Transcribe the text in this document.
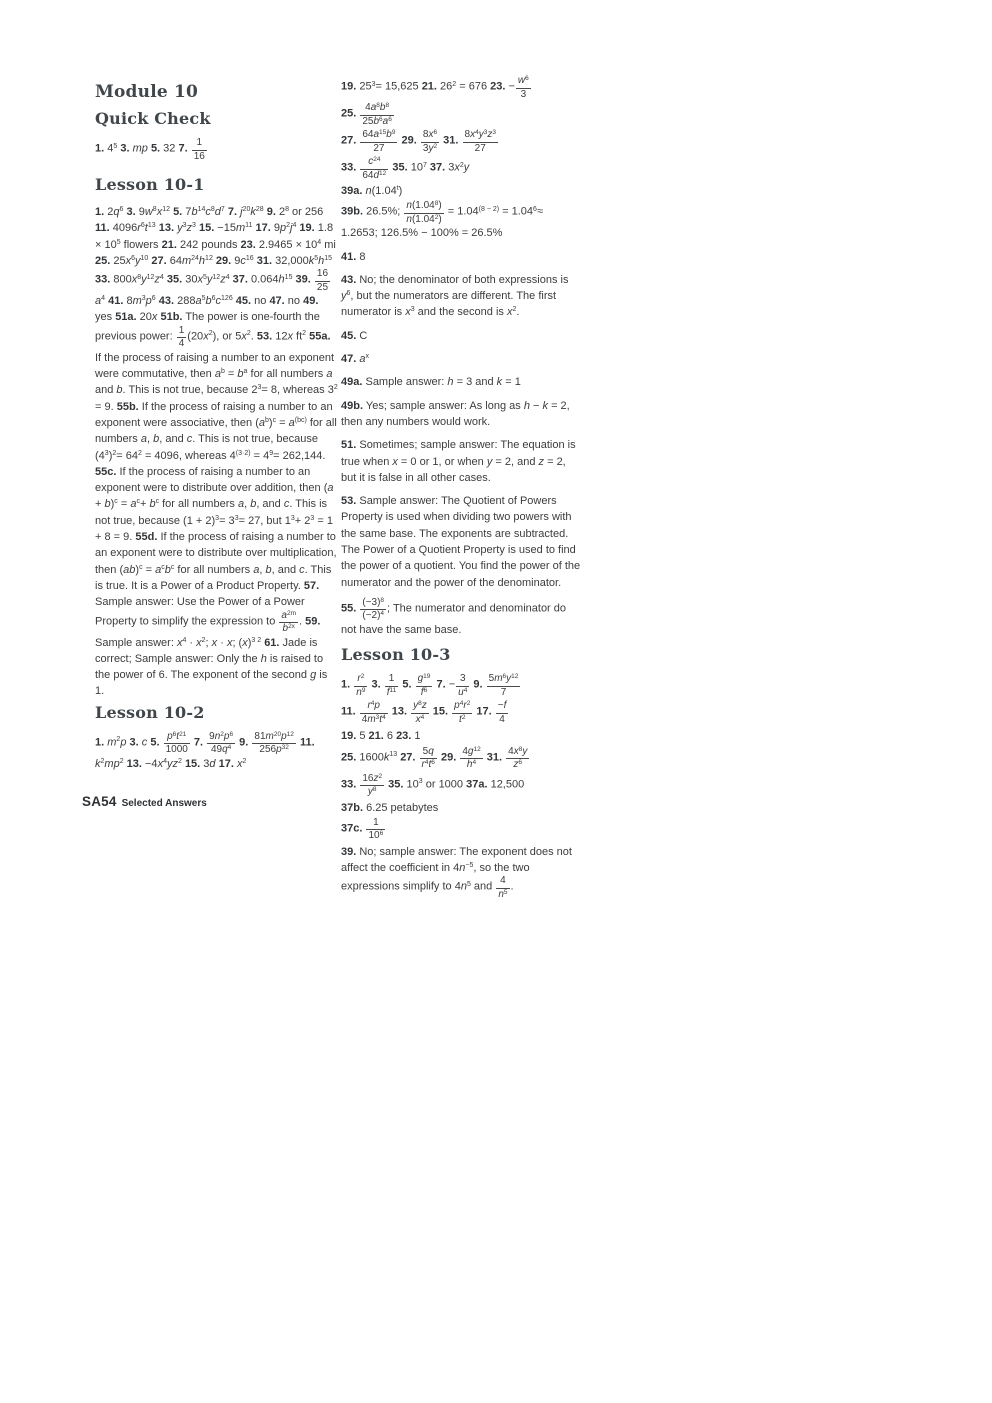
Module 10
Quick Check

1. $4^5$ 3. mp 5. 32 7. $\frac{1}{16}$

Lesson 10-1

1. $2q^6$ 3. $9w^8x^{12}$ 5. $7b^{14}c^8d^7$ 7. $j^{20}k^{28}$ 9. $2^8$ or 256 11. $4096r^6t^{13}$ 13. $y^3z^3$ 15. $-15m^{11}$ 17. $9p^2j^4$ 19. $1.8 \times 10^5$ flowers 21. 242 pounds 23. $2.9465 \times 10^4$ mi 25. $25x^6y^{10}$ 27. $64m^{24}h^{12}$ 29. $9c^{16}$ 31. $32,000k^5h^{15}$ 33. $800x^8y^{12}z^4$ 35. $30x^5y^{12}z^4$ 37. $0.064h^{15}$ 39. $\frac{16}{25}$
$a^4$ 41. $8m^3p^6$ 43. $288a^5b^6c^{126}$ 45. no 47. no 49. yes 51a. 20x 51b. The power is one-fourth the previous power: $\frac{1}{4} (20x^2)$, or $5x^2$. 53. 12x $ft^2$ 55a. If the process of raising a number to an exponent were commutative, then $a^b = b^a$ for all numbers a and b. This is not true, because $2^3= 8$, whereas $3^2 = 9$. 55b. If the process of raising a number to an exponent were associative, then $(a^b)^c = a^{(bc)}$ for all numbers a, b, and c. This is not true, because $(4^3)^2= 64^2 = 4096$, whereas $4^{(3\cdot 2)} = 4^9= 262,144$. 55c. If the process of raising a number to an exponent were to distribute over addition, then $(a + b)^c = a^c+ b^c$ for all numbers a, b, and c. This is not true, because $(1 + 2)^3= 3^3= 27$, but $1^3+ 2^3 = 1 + 8 = 9$. 55d. If the process of raising a number to an exponent were to distribute over multiplication, then $(ab)^c = a^cb^c$ for all numbers a, b, and c. This is true. It is a Power of a Product Property. 57. Sample answer: Use the Power of a Power Property to simplify the expression to $\frac{a^{2m}}{b^{2x}}$ . 59. Sample answer: $x^4 \cdot x^2$; x · x; $(x)^{3 2}$ 61. Jade is correct; Sample answer: Only the h is raised to the power of 6. The exponent of the second g is 1.

Lesson 10-2

1. $m^2p$ 3. c 5. $\frac{p^6t^{21}}{1000} 7$. $\frac{9n^2p^6}{49q^4} 9$. $\frac{81m^{20}p^{12}}{256p^{32}} 11$. $k^2mp^2$ 13. $-4x^4yz^2$ 15. 3d 17. $x^2$

19. $25^3= 15,625$ 21. $26^2 = 676$ 23. − $\frac{w^6}{3}$

25. $\frac{4a^8b^8}{25b^6a^6}$

27. $\frac{64a^{15}b^9}{27} 29$. $\frac{8x^6}{3y^2} 31$. $\frac{8x^4y^3z^3}{27}$

33. $\frac{c^{24}}{64d^{12}} 35$. $10^7$ 37. $3x^2y$

39a. n(1.04$^t$)

39b. 26.5%; $\frac{n(1.04^8)}{n(1.04^2)} = 1.04^{(8 - 2)} = 1.04^6\approx 1.2653$; 126.5% − 100% = 26.5%

41. 8

43. No; the denominator of both expressions is $y^6$, but the numerators are different. The first numerator is $x^3$ and the second is $x^2$.

45. C

47. $a^x$

49a. Sample answer: h = 3 and k = 1

49b. Yes; sample answer: As long as h − k = 2, then any numbers would work.

51. Sometimes; sample answer: The equation is true when x = 0 or 1, or when y = 2, and z = 2, but it is false in all other cases.

53. Sample answer: The Quotient of Powers Property is used when dividing two powers with the same base. The exponents are subtracted. The Power of a Quotient Property is used to find the power of a quotient. You find the power of the numerator and the power of the denominator.

55. $\frac{(-3)^8}{(-2)^4}$ ; The numerator and denominator do not have the same base.

Lesson 10-3

1. $\frac{r^2}{n^9} 3$. $\frac{1}{f^{11}} 5$. $\frac{g^{19}}{f^6} 7$. − $\frac{3}{u^4} 9$. $\frac{5m^6y^{12}}{7}$

11. $\frac{r^4p}{4m^3t^4} 13$. $\frac{y^8z}{x^4} 15$. $\frac{p^4r^2}{t^2} 17$. $\frac{-f}{4}$

19. 5 21. 6 23. 1

25. $1600k^{13}$ 27. $\frac{5q}{r^4t^6} 29$. $\frac{4g^{12}}{h^4} 31$. $\frac{4x^8y}{z^6}$

33. $\frac{16z^2}{y^8} 35$. $10^3$ or 1000 37a. 12,500

37b. 6.25 petabytes

37c. $\frac{1}{10^6}$

39. No; sample answer: The exponent does not affect the coefficient in $4n^{-5}$, so the two expressions simplify to $4n^5$ and $\frac{4}{n^5}$ .

SA54 Selected Answers
